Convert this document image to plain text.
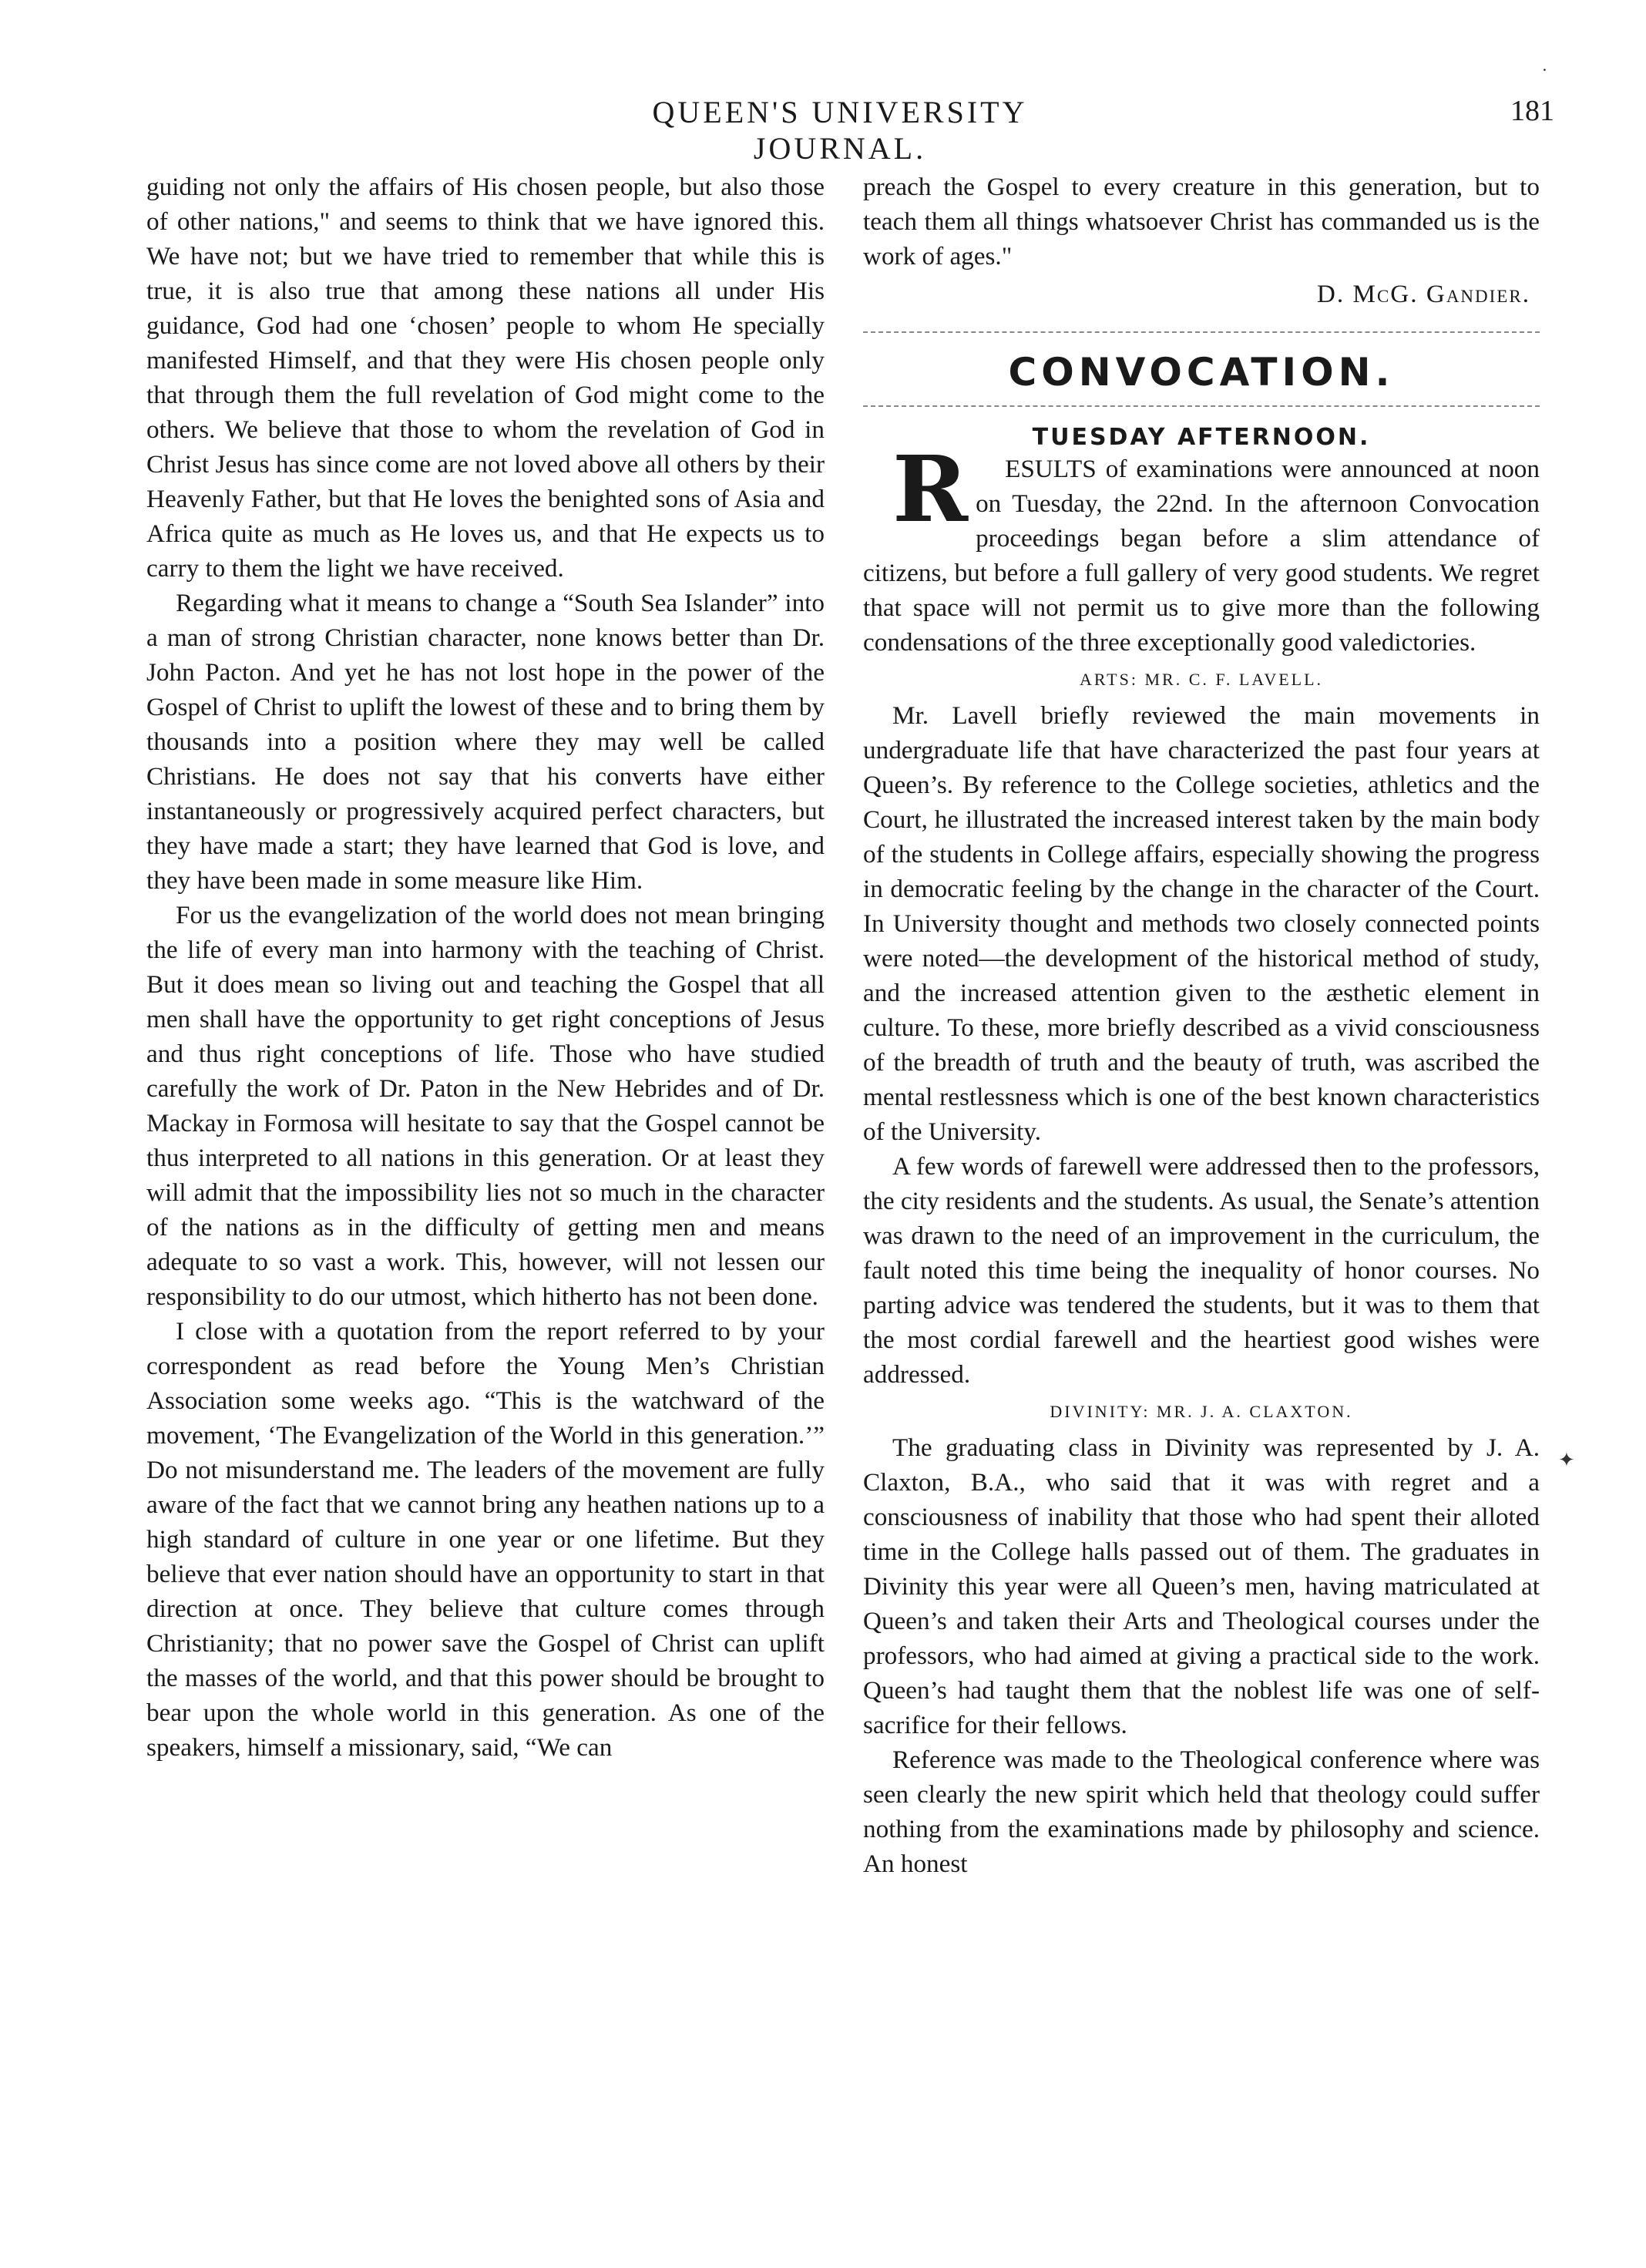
QUEEN'S UNIVERSITY JOURNAL.
181

guiding not only the affairs of His chosen people, but also those of other nations," and seems to think that we have ignored this. We have not; but we have tried to remember that while this is true, it is also true that among these nations all under His guidance, God had one ‘chosen’ people to whom He specially manifested Himself, and that they were His chosen people only that through them the full revelation of God might come to the others. We believe that those to whom the revelation of God in Christ Jesus has since come are not loved above all others by their Heavenly Father, but that He loves the benighted sons of Asia and Africa quite as much as He loves us, and that He expects us to carry to them the light we have received.

Regarding what it means to change a “South Sea Islander” into a man of strong Christian character, none knows better than Dr. John Pacton. And yet he has not lost hope in the power of the Gospel of Christ to uplift the lowest of these and to bring them by thousands into a position where they may well be called Christians. He does not say that his converts have either instantaneously or progressively acquired perfect characters, but they have made a start; they have learned that God is love, and they have been made in some measure like Him.

For us the evangelization of the world does not mean bringing the life of every man into harmony with the teaching of Christ. But it does mean so living out and teaching the Gospel that all men shall have the opportunity to get right conceptions of Jesus and thus right conceptions of life. Those who have studied carefully the work of Dr. Paton in the New Hebrides and of Dr. Mackay in Formosa will hesitate to say that the Gospel cannot be thus interpreted to all nations in this generation. Or at least they will admit that the impossibility lies not so much in the character of the nations as in the difficulty of getting men and means adequate to so vast a work. This, however, will not lessen our responsibility to do our utmost, which hitherto has not been done.

I close with a quotation from the report referred to by your correspondent as read before the Young Men’s Christian Association some weeks ago. “This is the watchward of the movement, ‘The Evangelization of the World in this generation.’” Do not misunderstand me. The leaders of the movement are fully aware of the fact that we cannot bring any heathen nations up to a high standard of culture in one year or one lifetime. But they believe that ever nation should have an opportunity to start in that direction at once. They believe that culture comes through Christianity; that no power save the Gospel of Christ can uplift the masses of the world, and that this power should be brought to bear upon the whole world in this generation. As one of the speakers, himself a missionary, said, “We can

preach the Gospel to every creature in this generation, but to teach them all things whatsoever Christ has commanded us is the work of ages."

D. McG. Gandier.
CONVOCATION.
TUESDAY AFTERNOON.

R ESULTS of examinations were announced at noon on Tuesday, the 22nd. In the afternoon Convocation proceedings began before a slim attendance of citizens, but before a full gallery of very good students. We regret that space will not permit us to give more than the following condensations of the three exceptionally good valedictories.

ARTS: MR. C. F. LAVELL.

Mr. Lavell briefly reviewed the main movements in undergraduate life that have characterized the past four years at Queen’s. By reference to the College societies, athletics and the Court, he illustrated the increased interest taken by the main body of the students in College affairs, especially showing the progress in democratic feeling by the change in the character of the Court. In University thought and methods two closely connected points were noted—the development of the historical method of study, and the increased attention given to the æsthetic element in culture. To these, more briefly described as a vivid consciousness of the breadth of truth and the beauty of truth, was ascribed the mental restlessness which is one of the best known characteristics of the University.

A few words of farewell were addressed then to the professors, the city residents and the students. As usual, the Senate’s attention was drawn to the need of an improvement in the curriculum, the fault noted this time being the inequality of honor courses. No parting advice was tendered the students, but it was to them that the most cordial farewell and the heartiest good wishes were addressed.

DIVINITY: MR. J. A. CLAXTON.

The graduating class in Divinity was represented by J. A. Claxton, B.A., who said that it was with regret and a consciousness of inability that those who had spent their alloted time in the College halls passed out of them. The graduates in Divinity this year were all Queen’s men, having matriculated at Queen’s and taken their Arts and Theological courses under the professors, who had aimed at giving a practical side to the work. Queen’s had taught them that the noblest life was one of self-sacrifice for their fellows.

Reference was made to the Theological conference where was seen clearly the new spirit which held that theology could suffer nothing from the examinations made by philosophy and science. An honest

˙
✦
